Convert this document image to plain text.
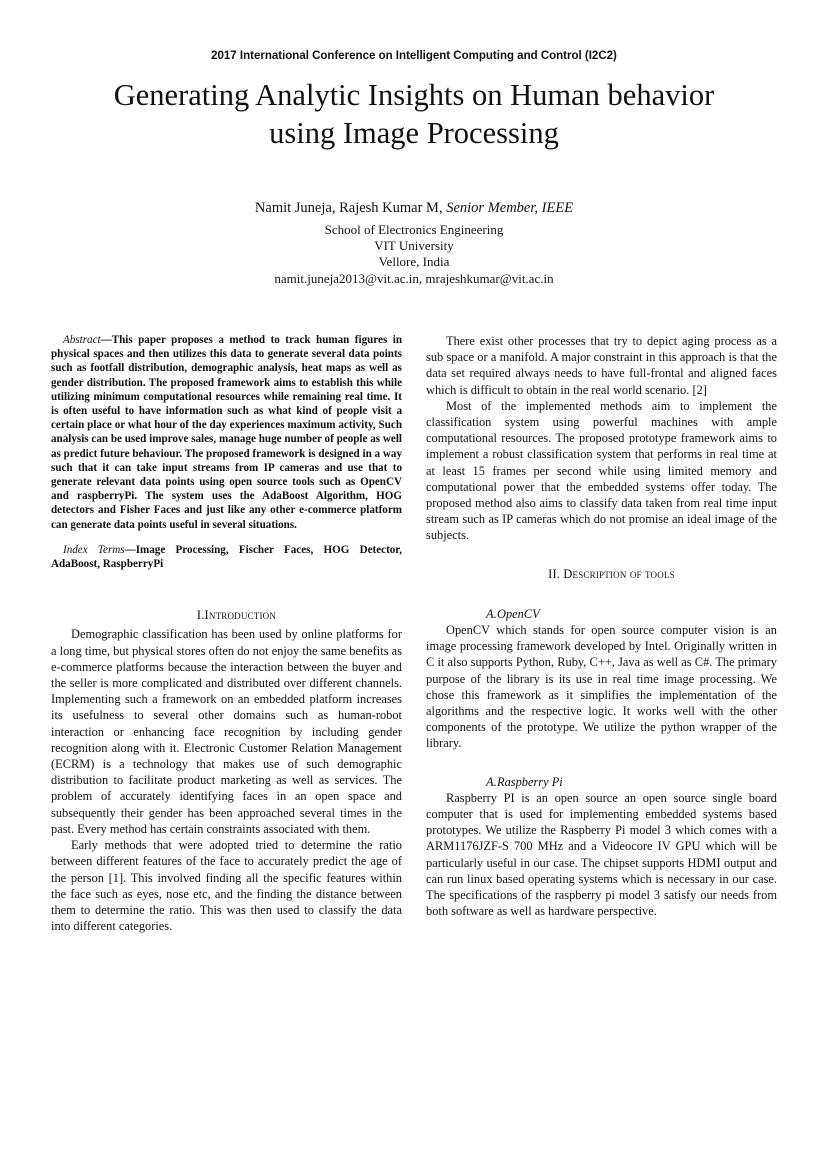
2017 International Conference on Intelligent Computing and Control (I2C2)
Generating Analytic Insights on Human behavior
using Image Processing
Namit Juneja, Rajesh Kumar M, Senior Member, IEEE
School of Electronics Engineering
VIT University
Vellore, India
namit.juneja2013@vit.ac.in, mrajeshkumar@vit.ac.in
Abstract—This paper proposes a method to track human figures in physical spaces and then utilizes this data to generate several data points such as footfall distribution, demographic analysis, heat maps as well as gender distribution. The proposed framework aims to establish this while utilizing minimum computational resources while remaining real time. It is often useful to have information such as what kind of people visit a certain place or what hour of the day experiences maximum activity, Such analysis can be used improve sales, manage huge number of people as well as predict future behaviour. The proposed framework is designed in a way such that it can take input streams from IP cameras and use that to generate relevant data points using open source tools such as OpenCV and raspberryPi. The system uses the AdaBoost Algorithm, HOG detectors and Fisher Faces and just like any other e-commerce platform can generate data points useful in several situations.
Index Terms—Image Processing, Fischer Faces, HOG Detector, AdaBoost, RaspberryPi

I.Introduction

Demographic classification has been used by online platforms for a long time, but physical stores often do not enjoy the same benefits as e-commerce platforms because the interaction between the buyer and the seller is more complicated and distributed over different channels. Implementing such a framework on an embedded platform increases its usefulness to several other domains such as human-robot interaction or enhancing face recognition by including gender recognition along with it. Electronic Customer Relation Management (ECRM) is a technology that makes use of such demographic distribution to facilitate product marketing as well as services. The problem of accurately identifying faces in an open space and subsequently their gender has been approached several times in the past. Every method has certain constraints associated with them.

Early methods that were adopted tried to determine the ratio between different features of the face to accurately predict the age of the person [1]. This involved finding all the specific features within the face such as eyes, nose etc, and the finding the distance between them to determine the ratio. This was then used to classify the data into different categories.

There exist other processes that try to depict aging process as a sub space or a manifold. A major constraint in this approach is that the data set required always needs to have full-frontal and aligned faces which is difficult to obtain in the real world scenario. [2]

Most of the implemented methods aim to implement the classification system using powerful machines with ample computational resources. The proposed prototype framework aims to implement a robust classification system that performs in real time at at least 15 frames per second while using limited memory and computational power that the embedded systems offer today. The proposed method also aims to classify data taken from real time input stream such as IP cameras which do not promise an ideal image of the subjects.

II. Description of tools

A.OpenCV

OpenCV which stands for open source computer vision is an image processing framework developed by Intel. Originally written in C it also supports Python, Ruby, C++, Java as well as C#. The primary purpose of the library is its use in real time image processing. We chose this framework as it simplifies the implementation of the algorithms and the respective logic. It works well with the other components of the prototype. We utilize the python wrapper of the library.

A.Raspberry Pi

Raspberry PI is an open source an open source single board computer that is used for implementing embedded systems based prototypes. We utilize the Raspberry Pi model 3 which comes with a ARM1176JZF-S 700 MHz and a Videocore IV GPU which will be particularly useful in our case. The chipset supports HDMI output and can run linux based operating systems which is necessary in our case. The specifications of the raspberry pi model 3 satisfy our needs from both software as well as hardware perspective.
